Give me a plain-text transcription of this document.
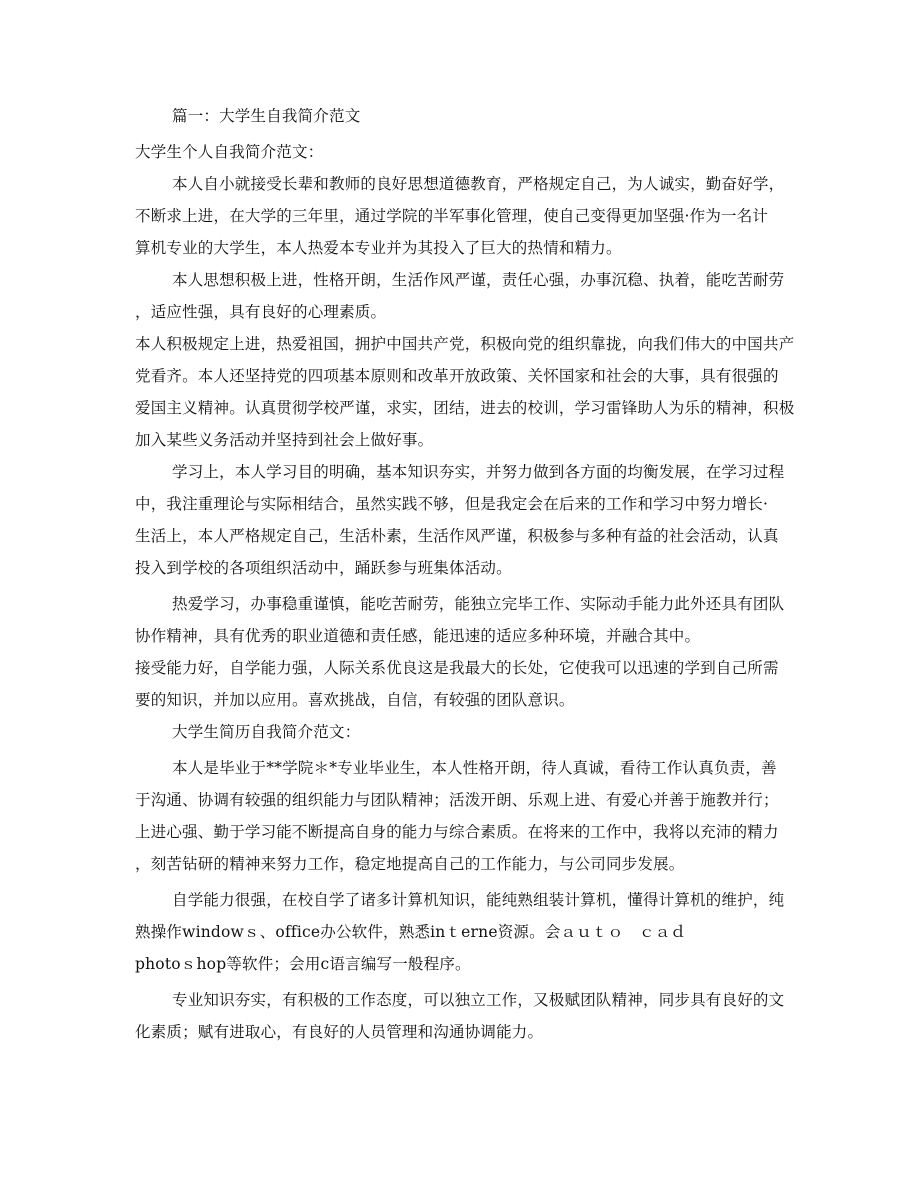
篇一：大学生自我简介范文
大学生个人自我简介范文：
本人自小就接受长辈和教师的良好思想道德教育，严格规定自己，为人诚实，勤奋好学，
不断求上进，在大学的三年里，通过学院的半军事化管理，使自己变得更加坚强·作为一名计
算机专业的大学生，本人热爱本专业并为其投入了巨大的热情和精力。
本人思想积极上进，性格开朗，生活作风严谨，责任心强，办事沉稳、执着，能吃苦耐劳
，适应性强，具有良好的心理素质。
本人积极规定上进，热爱祖国，拥护中国共产党，积极向党的组织靠拢，向我们伟大的中国共产
党看齐。本人还坚持党的四项基本原则和改革开放政策、关怀国家和社会的大事，具有很强的
爱国主义精神。认真贯彻学校严谨，求实，团结，进去的校训，学习雷锋助人为乐的精神，积极
加入某些义务活动并坚持到社会上做好事。
学习上，本人学习目的明确，基本知识夯实，并努力做到各方面的均衡发展，在学习过程
中，我注重理论与实际相结合，虽然实践不够，但是我定会在后来的工作和学习中努力增长·
生活上，本人严格规定自己，生活朴素，生活作风严谨，积极参与多种有益的社会活动，认真
投入到学校的各项组织活动中，踊跃参与班集体活动。
热爱学习，办事稳重谨慎，能吃苦耐劳，能独立完毕工作、实际动手能力此外还具有团队
协作精神，具有优秀的职业道德和责任感，能迅速的适应多种环境，并融合其中。
接受能力好，自学能力强，人际关系优良这是我最大的长处，它使我可以迅速的学到自己所需
要的知识，并加以应用。喜欢挑战，自信，有较强的团队意识。
大学生简历自我简介范文：
本人是毕业于**学院＊*专业毕业生，本人性格开朗，待人真诚，看待工作认真负责，善
于沟通、协调有较强的组织能力与团队精神；活泼开朗、乐观上进、有爱心并善于施教并行；
上进心强、勤于学习能不断提高自身的能力与综合素质。在将来的工作中，我将以充沛的精力
，刻苦钻研的精神来努力工作，稳定地提高自己的工作能力，与公司同步发展。
自学能力很强，在校自学了诸多计算机知识，能纯熟组装计算机，懂得计算机的维护，纯
熟操作windowｓ、office办公软件，熟悉inｔerne资源。会ａｕｔｏ　ｃａｄ
photoｓhop等软件；会用c语言编写一般程序。
专业知识夯实，有积极的工作态度，可以独立工作，又极赋团队精神，同步具有良好的文
化素质；赋有进取心，有良好的人员管理和沟通协调能力。
